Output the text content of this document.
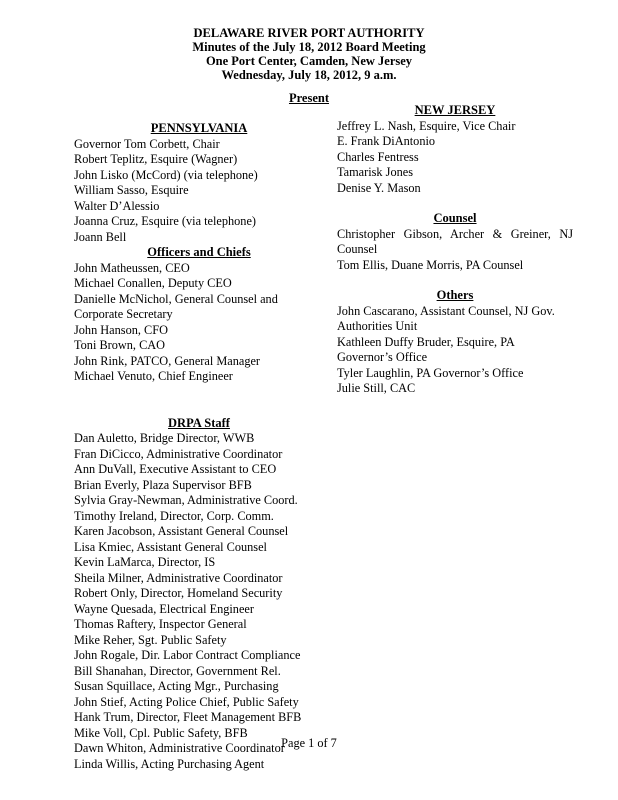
DELAWARE RIVER PORT AUTHORITY
Minutes of the July 18, 2012 Board Meeting
One Port Center, Camden, New Jersey
Wednesday, July 18, 2012, 9 a.m.
Present
PENNSYLVANIA
Governor Tom Corbett, Chair
Robert Teplitz, Esquire (Wagner)
John Lisko (McCord) (via telephone)
William Sasso, Esquire
Walter D’Alessio
Joanna Cruz, Esquire (via telephone)
Joann Bell
Officers and Chiefs
John Matheussen, CEO
Michael Conallen, Deputy CEO
Danielle McNichol, General Counsel and Corporate Secretary
John Hanson, CFO
Toni Brown, CAO
John Rink, PATCO, General Manager
Michael Venuto, Chief Engineer
DRPA Staff
Dan Auletto, Bridge Director, WWB
Fran DiCicco, Administrative Coordinator
Ann DuVall, Executive Assistant to CEO
Brian Everly, Plaza Supervisor BFB
Sylvia Gray-Newman, Administrative Coord.
Timothy Ireland, Director, Corp. Comm.
Karen Jacobson, Assistant General Counsel
Lisa Kmiec, Assistant General Counsel
Kevin LaMarca, Director, IS
Sheila Milner, Administrative Coordinator
Robert Only, Director, Homeland Security
Wayne Quesada, Electrical Engineer
Thomas Raftery, Inspector General
Mike Reher, Sgt. Public Safety
John Rogale, Dir. Labor Contract Compliance
Bill Shanahan, Director, Government Rel.
Susan Squillace, Acting Mgr., Purchasing
John Stief, Acting Police Chief, Public Safety
Hank Trum, Director, Fleet Management BFB
Mike Voll, Cpl. Public Safety, BFB
Dawn Whiton, Administrative Coordinator
Linda Willis, Acting Purchasing Agent
NEW JERSEY
Jeffrey L. Nash, Esquire, Vice Chair
E. Frank DiAntonio
Charles Fentress
Tamarisk Jones
Denise Y. Mason
Counsel
Christopher Gibson, Archer & Greiner, NJ Counsel
Tom Ellis, Duane Morris, PA Counsel
Others
John Cascarano, Assistant Counsel, NJ Gov. Authorities Unit
Kathleen Duffy Bruder, Esquire, PA Governor’s Office
Tyler Laughlin, PA Governor’s Office
Julie Still, CAC
Page 1 of 7
